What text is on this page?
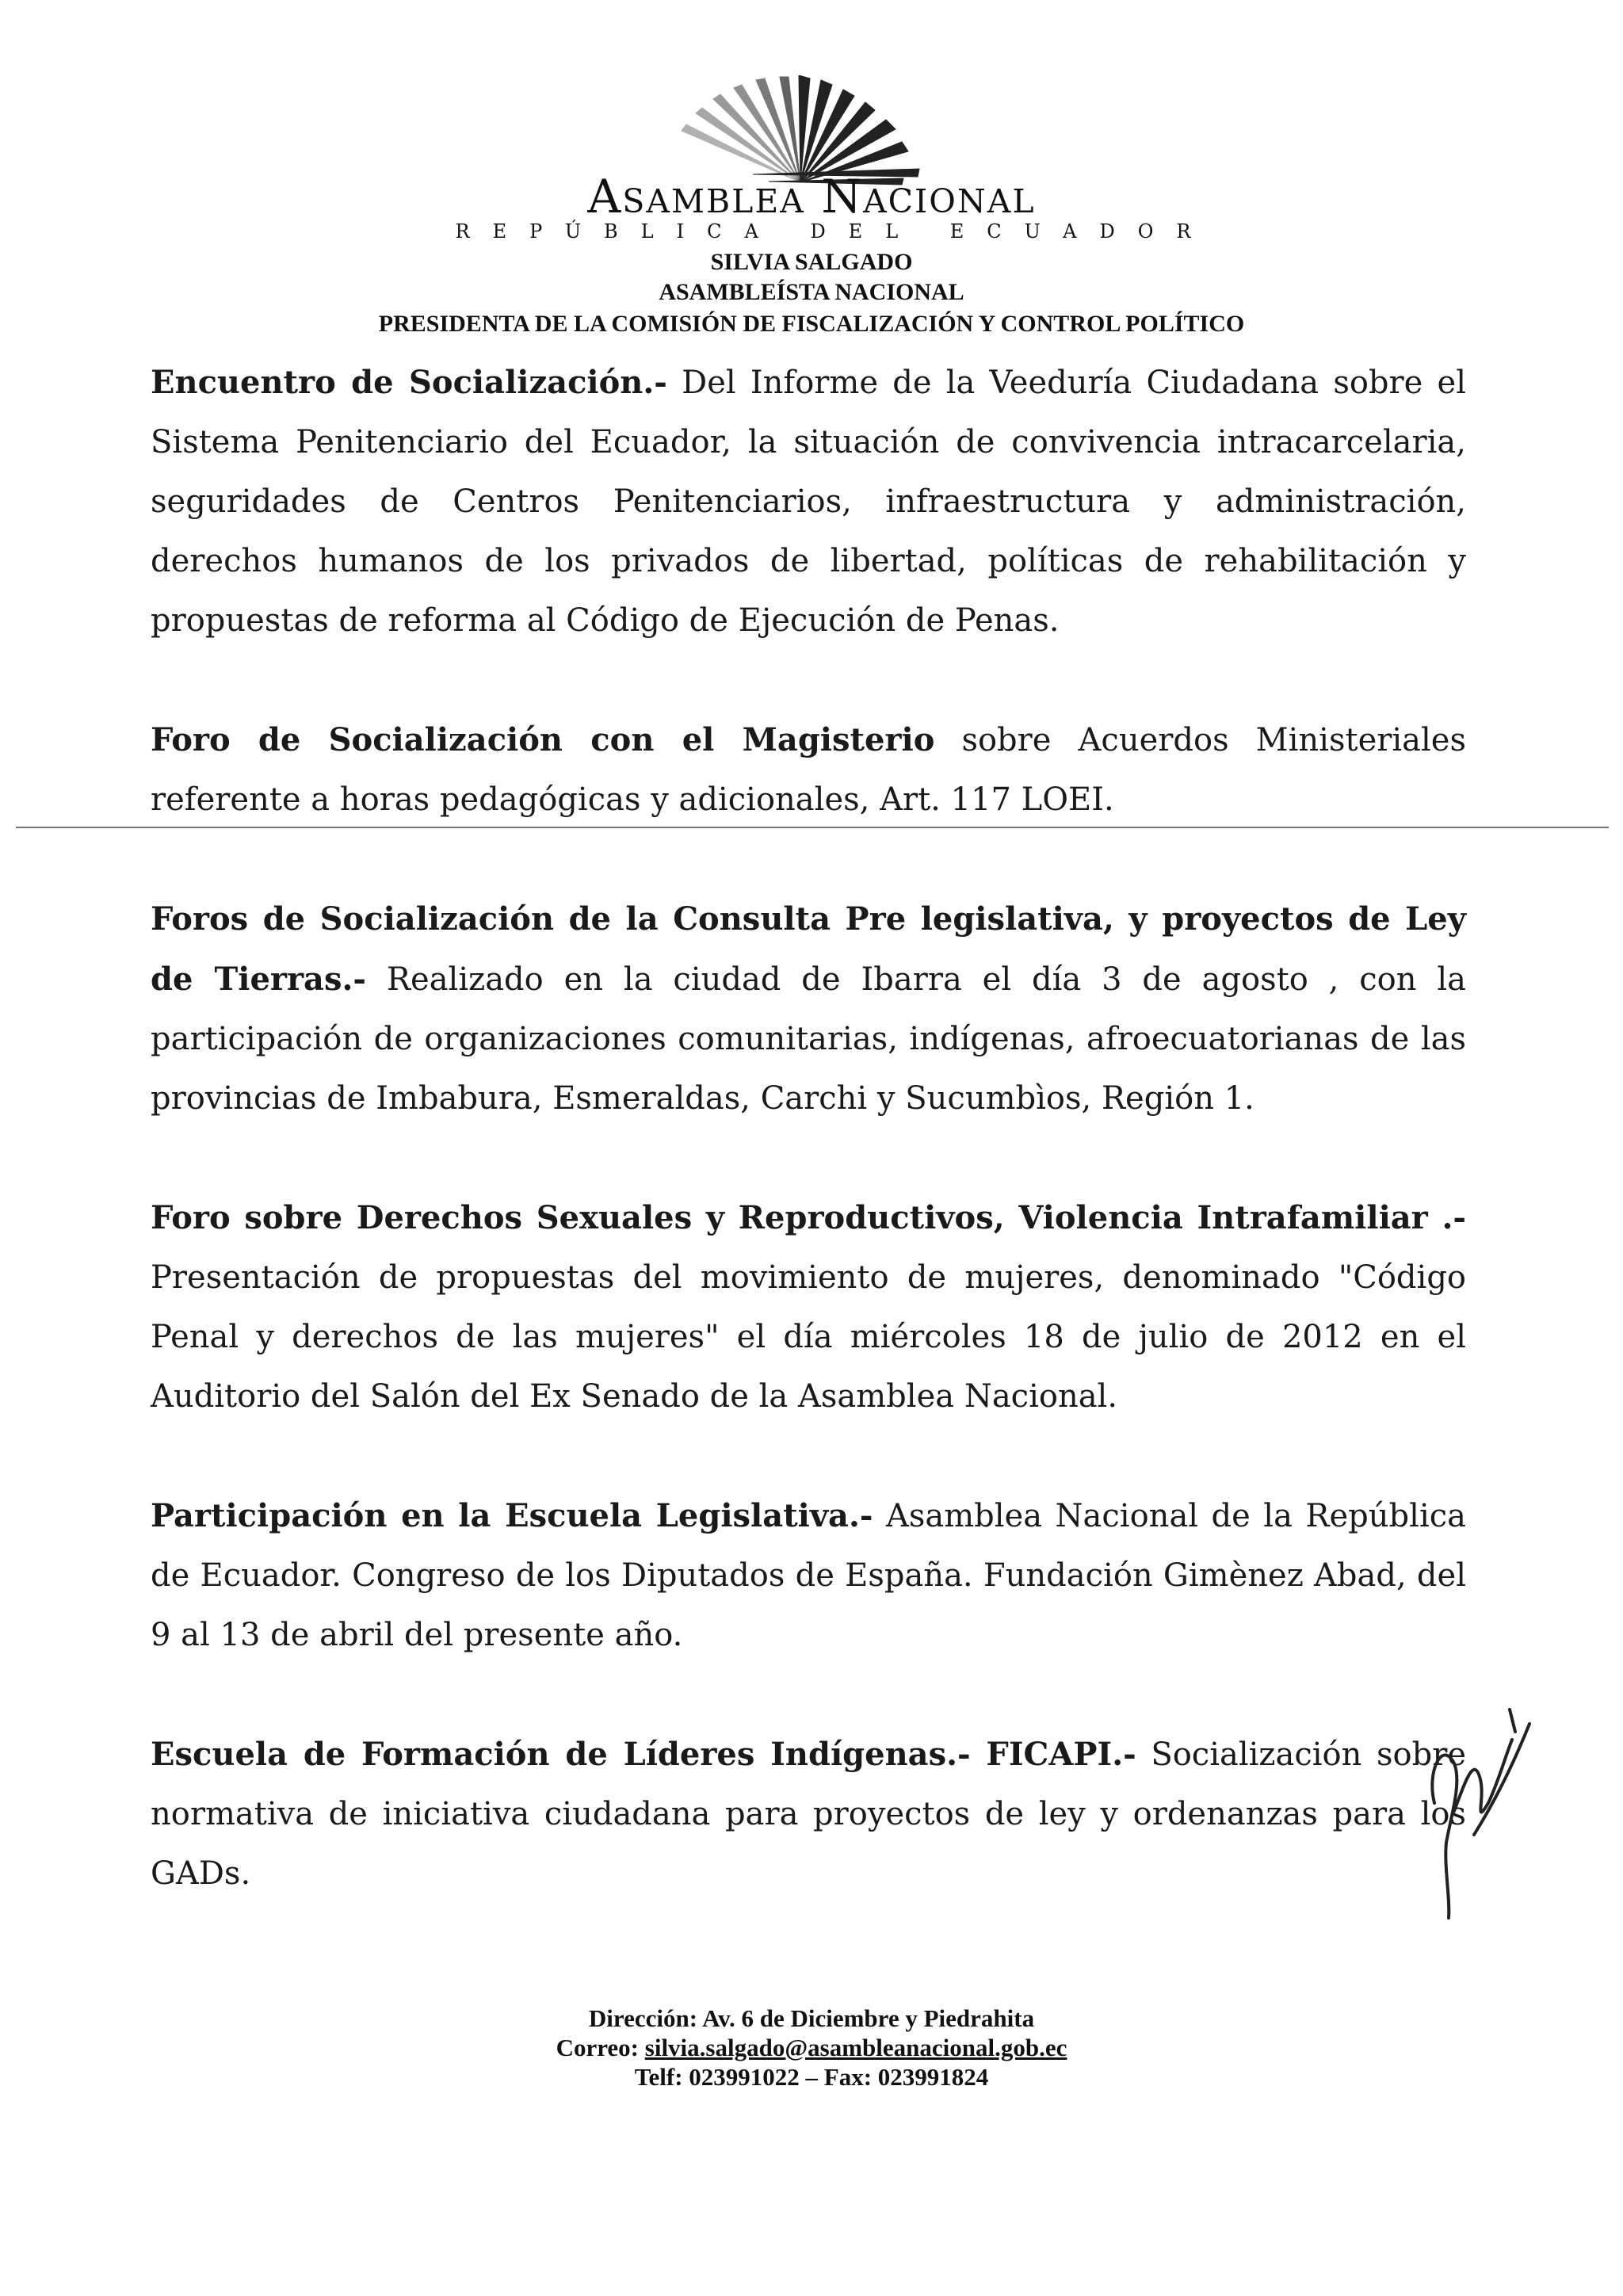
Asamblea Nacional
REPÚBLICA DEL ECUADOR
SILVIA SALGADO
ASAMBLEÍSTA NACIONAL
PRESIDENTA DE LA COMISIÓN DE FISCALIZACIÓN Y CONTROL POLÍTICO

Encuentro de Socialización.- Del Informe de la Veeduría Ciudadana sobre el Sistema Penitenciario del Ecuador, la situación de convivencia intracarcelaria, seguridades de Centros Penitenciarios, infraestructura y administración, derechos humanos de los privados de libertad, políticas de rehabilitación y propuestas de reforma al Código de Ejecución de Penas.

Foro de Socialización con el Magisterio sobre Acuerdos Ministeriales referente a horas pedagógicas y adicionales, Art. 117 LOEI.

Foros de Socialización de la Consulta Pre legislativa, y proyectos de Ley de Tierras.- Realizado en la ciudad de Ibarra el día 3 de agosto , con la participación de organizaciones comunitarias, indígenas, afroecuatorianas de las provincias de Imbabura, Esmeraldas, Carchi y Sucumbìos, Región 1.

Foro sobre Derechos Sexuales y Reproductivos, Violencia Intrafamiliar .- Presentación de propuestas del movimiento de mujeres, denominado "Código Penal y derechos de las mujeres" el día miércoles 18 de julio de 2012 en el Auditorio del Salón del Ex Senado de la Asamblea Nacional.

Participación en la Escuela Legislativa.- Asamblea Nacional de la República de Ecuador. Congreso de los Diputados de España. Fundación Gimènez Abad, del 9 al 13 de abril del presente año.

Escuela de Formación de Líderes Indígenas.- FICAPI.- Socialización sobre normativa de iniciativa ciudadana para proyectos de ley y ordenanzas para los GADs.

Dirección: Av. 6 de Diciembre y Piedrahita
Correo: silvia.salgado@asambleanacional.gob.ec
Telf: 023991022 – Fax: 023991824
